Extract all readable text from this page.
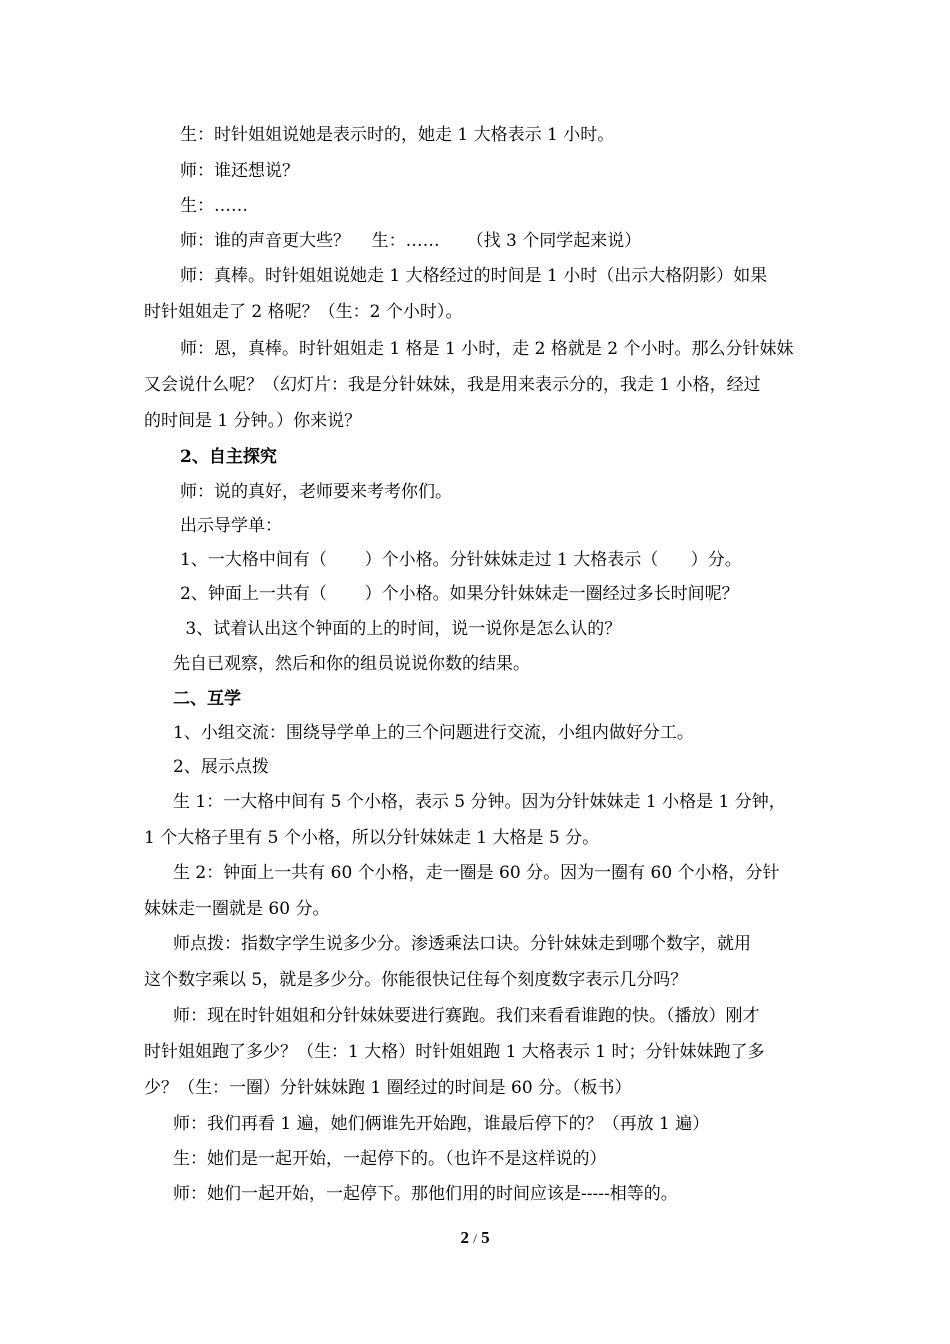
生：时针姐姐说她是表示时的，她走 1 大格表示 1 小时。
师：谁还想说？
生：……
师：谁的声音更大些？    生：……     （找 3 个同学起来说）
师：真棒。时针姐姐说她走 1 大格经过的时间是 1 小时（出示大格阴影）如果
时针姐姐走了 2 格呢？（生：2 个小时）。
师：恩，真棒。时针姐姐走 1 格是 1 小时，走 2 格就是 2 个小时。那么分针妹妹
又会说什么呢？（幻灯片：我是分针妹妹，我是用来表示分的，我走 1 小格，经过
的时间是 1 分钟。）你来说？
2、自主探究
师：说的真好，老师要来考考你们。
出示导学单：
1、一大格中间有（       ）个小格。分针妹妹走过 1 大格表示（      ）分。
2、钟面上一共有（       ）个小格。如果分针妹妹走一圈经过多长时间呢？
3、试着认出这个钟面的上的时间，说一说你是怎么认的？
先自已观察，然后和你的组员说说你数的结果。
二、互学
1、小组交流：围绕导学单上的三个问题进行交流，小组内做好分工。
2、展示点拨
生 1：一大格中间有 5 个小格，表示 5 分钟。因为分针妹妹走 1 小格是 1 分钟，
1 个大格子里有 5 个小格，所以分针妹妹走 1 大格是 5 分。
生 2：钟面上一共有 60 个小格，走一圈是 60 分。因为一圈有 60 个小格，分针
妹妹走一圈就是 60 分。
师点拨：指数字学生说多少分。渗透乘法口诀。分针妹妹走到哪个数字，就用
这个数字乘以 5，就是多少分。你能很快记住每个刻度数字表示几分吗？
师：现在时针姐姐和分针妹妹要进行赛跑。我们来看看谁跑的快。（播放）刚才
时针姐姐跑了多少？（生：1 大格）时针姐姐跑 1 大格表示 1 时；分针妹妹跑了多
少？（生：一圈）分针妹妹跑 1 圈经过的时间是 60 分。（板书）
师：我们再看 1 遍，她们俩谁先开始跑，谁最后停下的？（再放 1 遍）
生：她们是一起开始，一起停下的。（也许不是这样说的）
师：她们一起开始，一起停下。那他们用的时间应该是-----相等的。
2 / 5
